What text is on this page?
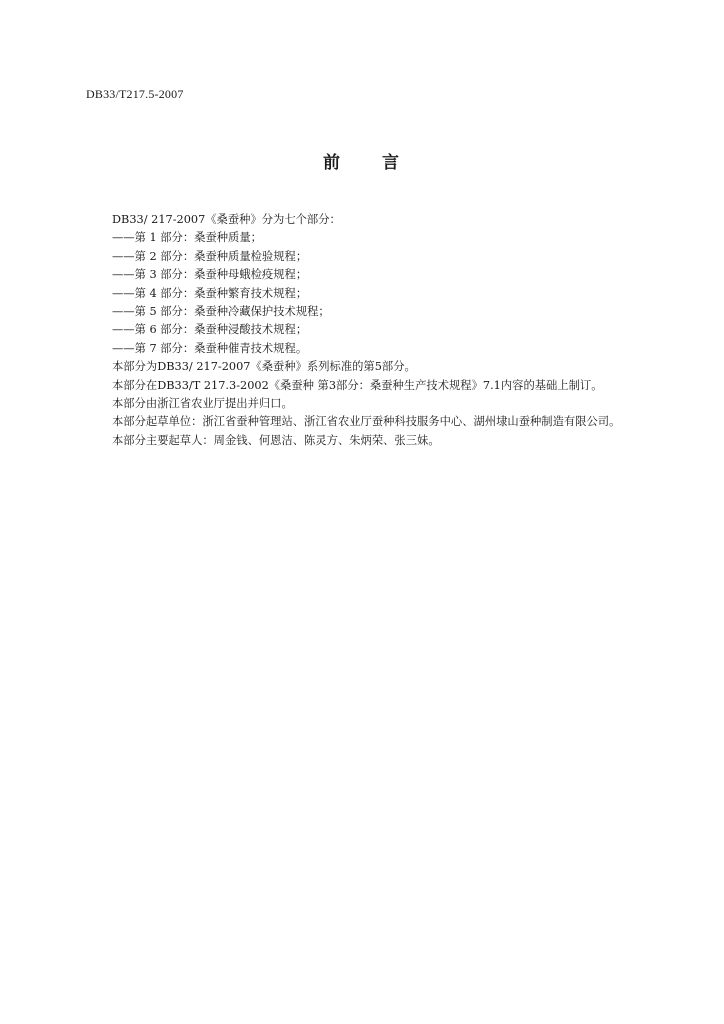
DB33/T217.5-2007
前 言

DB33/ 217-2007《桑蚕种》分为七个部分：

——第 1 部分：桑蚕种质量；

——第 2 部分：桑蚕种质量检验规程；

——第 3 部分：桑蚕种母蛾检疫规程；

——第 4 部分：桑蚕种繁育技术规程；

——第 5 部分：桑蚕种冷藏保护技术规程；

——第 6 部分：桑蚕种浸酸技术规程；

——第 7 部分：桑蚕种催青技术规程。

本部分为DB33/ 217-2007《桑蚕种》系列标准的第5部分。

本部分在DB33/T 217.3-2002《桑蚕种 第3部分：桑蚕种生产技术规程》7.1内容的基础上制订。

本部分由浙江省农业厅提出并归口。

本部分起草单位：浙江省蚕种管理站、浙江省农业厅蚕种科技服务中心、湖州埭山蚕种制造有限公司。

本部分主要起草人：周金钱、何恩洁、陈灵方、朱炳荣、张三妹。
